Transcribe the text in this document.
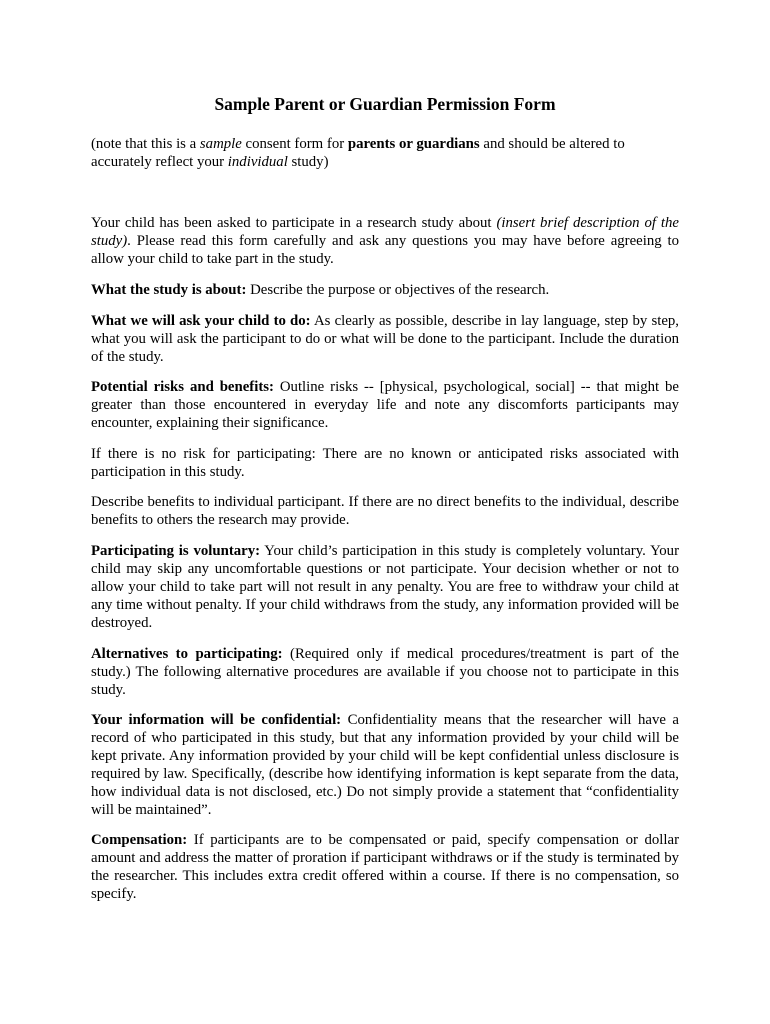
Sample Parent or Guardian Permission Form

(note that this is a sample consent form for parents or guardians and should be altered to accurately reflect your individual study)

Your child has been asked to participate in a research study about (insert brief description of the study). Please read this form carefully and ask any questions you may have before agreeing to allow your child to take part in the study.

What the study is about: Describe the purpose or objectives of the research.

What we will ask your child to do: As clearly as possible, describe in lay language, step by step, what you will ask the participant to do or what will be done to the participant. Include the duration of the study.

Potential risks and benefits: Outline risks -- [physical, psychological, social] -- that might be greater than those encountered in everyday life and note any discomforts participants may encounter, explaining their significance.

If there is no risk for participating: There are no known or anticipated risks associated with participation in this study.

Describe benefits to individual participant. If there are no direct benefits to the individual, describe benefits to others the research may provide.

Participating is voluntary: Your child’s participation in this study is completely voluntary. Your child may skip any uncomfortable questions or not participate. Your decision whether or not to allow your child to take part will not result in any penalty. You are free to withdraw your child at any time without penalty. If your child withdraws from the study, any information provided will be destroyed.

Alternatives to participating: (Required only if medical procedures/treatment is part of the study.) The following alternative procedures are available if you choose not to participate in this study.

Your information will be confidential: Confidentiality means that the researcher will have a record of who participated in this study, but that any information provided by your child will be kept private. Any information provided by your child will be kept confidential unless disclosure is required by law. Specifically, (describe how identifying information is kept separate from the data, how individual data is not disclosed, etc.) Do not simply provide a statement that “confidentiality will be maintained”.

Compensation: If participants are to be compensated or paid, specify compensation or dollar amount and address the matter of proration if participant withdraws or if the study is terminated by the researcher. This includes extra credit offered within a course. If there is no compensation, so specify.
